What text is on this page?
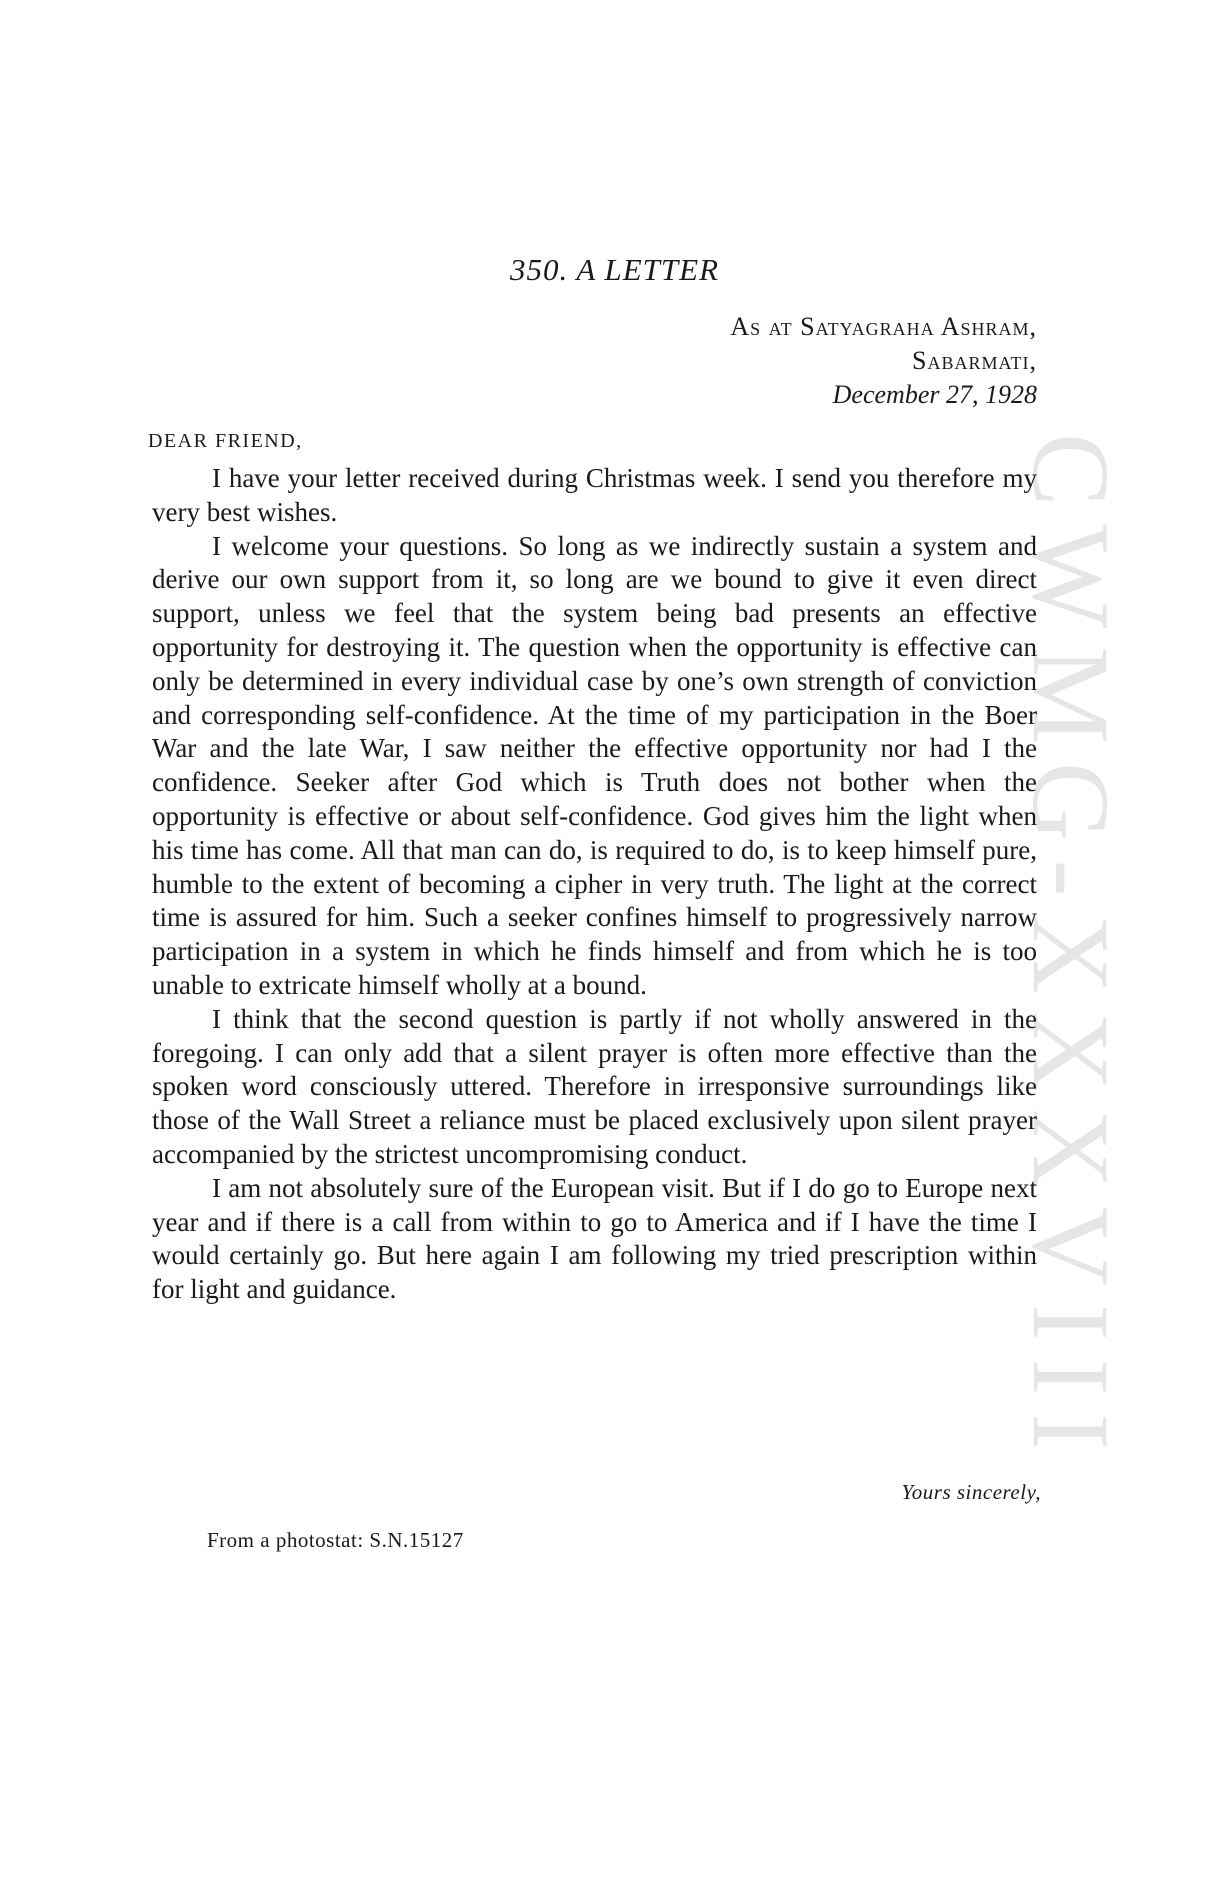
CWMG-XXXVIII
350. A LETTER
As at Satyagraha Ashram,
Sabarmati,
December 27, 1928
DEAR FRIEND,

I have your letter received during Christmas week. I send you therefore my very best wishes.

I welcome your questions. So long as we indirectly sustain a system and derive our own support from it, so long are we bound to give it even direct support, unless we feel that the system being bad presents an effective opportunity for destroying it. The question when the opportunity is effective can only be determined in every individual case by one’s own strength of conviction and corresponding self-confidence. At the time of my participation in the Boer War and the late War, I saw neither the effective opportunity nor had I the confidence. Seeker after God which is Truth does not bother when the opportunity is effective or about self-confidence. God gives him the light when his time has come. All that man can do, is required to do, is to keep himself pure, humble to the extent of becoming a cipher in very truth. The light at the correct time is assured for him. Such a seeker confines himself to progressively narrow participation in a system in which he finds himself and from which he is too unable to extricate himself wholly at a bound.

I think that the second question is partly if not wholly answered in the foregoing. I can only add that a silent prayer is often more effective than the spoken word consciously uttered. Therefore in irresponsive surroundings like those of the Wall Street a reliance must be placed exclusively upon silent prayer accompanied by the strictest uncompromising conduct.

I am not absolutely sure of the European visit. But if I do go to Europe next year and if there is a call from within to go to America and if I have the time I would certainly go. But here again I am following my tried prescription within for light and guidance.

Yours sincerely,
From a photostat: S.N.15127
